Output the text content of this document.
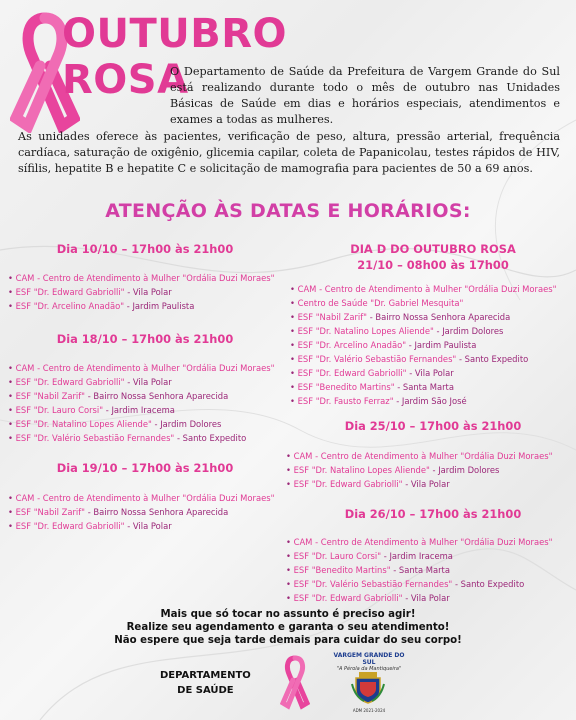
OUTUBRO
ROSA
O Departamento de Saúde da Prefeitura de Vargem Grande do Sul está realizando durante todo o mês de outubro nas Unidades Básicas de Saúde em dias e horários especiais, atendimentos e exames a todas as mulheres.
As unidades oferece às pacientes, verificação de peso, altura, pressão arterial, frequência cardíaca, saturação de oxigênio, glicemia capilar, coleta de Papanicolau, testes rápidos de HIV, sífilis, hepatite B e hepatite C e solicitação de mamografia para pacientes de 50 a 69 anos.
ATENÇÃO ÀS DATAS E HORÁRIOS:
Dia 10/10 – 17h00 às 21h00
• CAM - Centro de Atendimento à Mulher "Ordália Duzi Moraes"
• ESF "Dr. Edward Gabriolli" - Vila Polar
• ESF "Dr. Arcelino Anadão" - Jardim Paulista
Dia 18/10 – 17h00 às 21h00
• CAM - Centro de Atendimento à Mulher "Ordália Duzi Moraes"
• ESF "Dr. Edward Gabriolli" - Vila Polar
• ESF "Nabil Zarif" - Bairro Nossa Senhora Aparecida
• ESF "Dr. Lauro Corsi" - Jardim Iracema
• ESF "Dr. Natalino Lopes Aliende" - Jardim Dolores
• ESF "Dr. Valério Sebastião Fernandes" - Santo Expedito
Dia 19/10 – 17h00 às 21h00
• CAM - Centro de Atendimento à Mulher "Ordália Duzi Moraes"
• ESF "Nabil Zarif" - Bairro Nossa Senhora Aparecida
• ESF "Dr. Edward Gabriolli" - Vila Polar
DIA D DO OUTUBRO ROSA
21/10 – 08h00 às 17h00
• CAM - Centro de Atendimento à Mulher "Ordália Duzi Moraes"
• Centro de Saúde "Dr. Gabriel Mesquita"
• ESF "Nabil Zarif" - Bairro Nossa Senhora Aparecida
• ESF "Dr. Natalino Lopes Aliende" - Jardim Dolores
• ESF "Dr. Arcelino Anadão" - Jardim Paulista
• ESF "Dr. Valério Sebastião Fernandes" - Santo Expedito
• ESF "Dr. Edward Gabriolli" - Vila Polar
• ESF "Benedito Martins" - Santa Marta
• ESF "Dr. Fausto Ferraz" - Jardim São José
Dia 25/10 – 17h00 às 21h00
• CAM - Centro de Atendimento à Mulher "Ordália Duzi Moraes"
• ESF "Dr. Natalino Lopes Aliende" - Jardim Dolores
• ESF "Dr. Edward Gabriolli" - Vila Polar
Dia 26/10 – 17h00 às 21h00
• CAM - Centro de Atendimento à Mulher "Ordália Duzi Moraes"
• ESF "Dr. Lauro Corsi" - Jardim Iracema
• ESF "Benedito Martins" - Santa Marta
• ESF "Dr. Valério Sebastião Fernandes" - Santo Expedito
• ESF "Dr. Edward Gabriolli" - Vila Polar
Mais que só tocar no assunto é preciso agir!
Realize seu agendamento e garanta o seu atendimento!
Não espere que seja tarde demais para cuidar do seu corpo!
DEPARTAMENTO
DE SAÚDE
VARGEM GRANDE DO SUL
"A Pérola da Mantiqueira"
ADM 2021-2024
